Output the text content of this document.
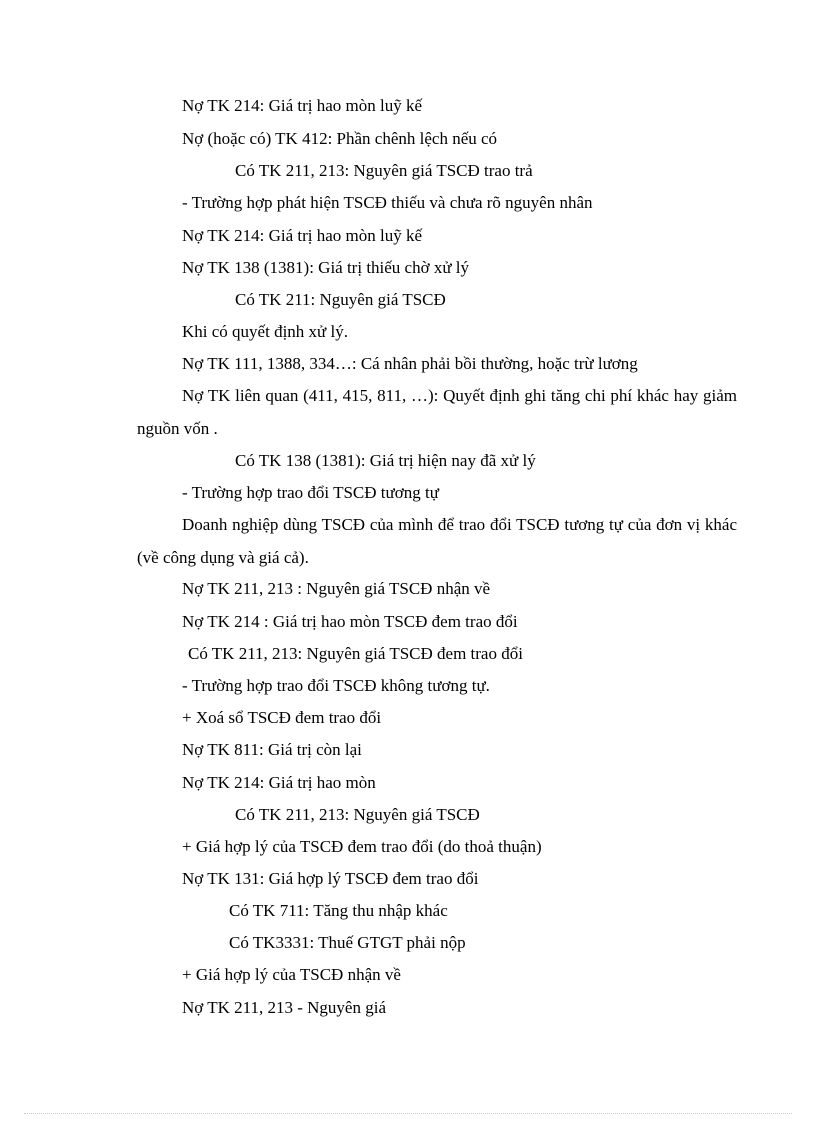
Nợ TK 214: Giá trị hao mòn luỹ kế
Nợ (hoặc có) TK 412: Phần chênh lệch nếu có
Có TK 211, 213: Nguyên giá TSCĐ trao trả
- Trường hợp phát hiện TSCĐ thiếu và chưa rõ nguyên nhân
Nợ TK 214: Giá trị hao mòn luỹ kế
Nợ TK 138 (1381): Giá trị thiếu chờ xử lý
Có TK 211: Nguyên giá TSCĐ
Khi có quyết định xử lý.
Nợ TK 111, 1388, 334…: Cá nhân phải bồi thường, hoặc trừ lương
Nợ TK liên quan (411, 415, 811, …): Quyết định ghi tăng chi phí khác hay giảm nguồn vốn .
Có TK 138 (1381): Giá trị hiện nay đã xử lý
- Trường hợp trao đổi TSCĐ tương tự
Doanh nghiệp dùng TSCĐ của mình để trao đổi TSCĐ tương tự của đơn vị khác (về công dụng và giá cả).
Nợ TK 211, 213 : Nguyên giá TSCĐ nhận về
Nợ TK 214 : Giá trị hao mòn TSCĐ đem trao đổi
Có TK 211, 213: Nguyên giá TSCĐ đem trao đổi
- Trường hợp trao đổi TSCĐ không tương tự.
+ Xoá sổ TSCĐ đem trao đổi
Nợ TK 811: Giá trị còn lại
Nợ TK 214: Giá trị hao mòn
Có TK 211, 213: Nguyên giá TSCĐ
+ Giá hợp lý của TSCĐ đem trao đổi (do thoả thuận)
Nợ TK 131: Giá hợp lý TSCĐ đem trao đổi
Có TK 711: Tăng thu nhập khác
Có TK3331: Thuế GTGT phải nộp
+ Giá hợp lý của TSCĐ nhận về
Nợ TK 211, 213 - Nguyên giá
